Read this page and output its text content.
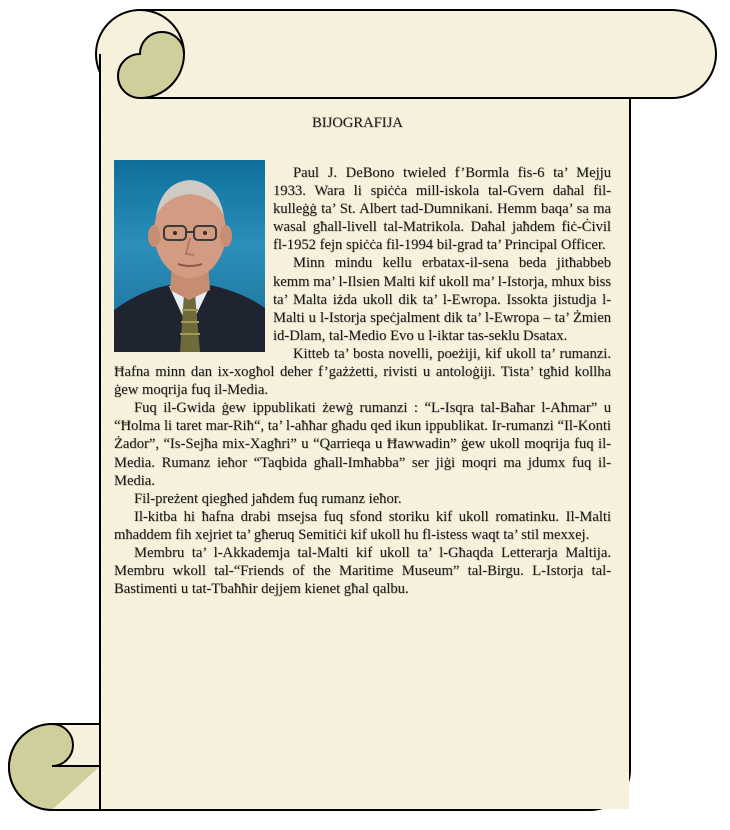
BIJOGRAFIJA

Paul J. DeBono twieled f’Bormla fis-6 ta’ Mejju 1933. Wara li spiċċa mill-iskola tal-Gvern daħal fil-kulleġġ ta’ St. Albert tad-Dumnikani. Hemm baqa’ sa ma wasal għall-livell tal-Matrikola. Daħal jaħdem fiċ-Ċivil fl-1952 fejn spiċċa fil-1994 bil-grad ta’ Principal Officer.

Minn mindu kellu erbatax-il-sena beda jitħabbeb kemm ma’ l-Ilsien Malti kif ukoll ma’ l-Istorja, mhux biss ta’ Malta iżda ukoll dik ta’ l-Ewropa. Issokta jistudja l-Malti u l-Istorja speċjalment dik ta’ l-Ewropa – ta’ Żmien id-Dlam, tal-Medio Evo u l-iktar tas-seklu Dsatax.

Kitteb ta’ bosta novelli, poeżiji, kif ukoll ta’ rumanzi. Ħafna minn dan ix-xogħol deher f’gażżetti, rivisti u antoloġiji. Tista’ tgħid kollha ġew moqrija fuq il-Media.

Fuq il-Gwida ġew ippublikati żewġ rumanzi : “L-Isqra tal-Baħar l-Aħmar” u “Ħolma li taret mar-Riħ“, ta’ l-aħħar għadu qed ikun ippublikat. Ir-rumanzi “Il-Konti Żador”, “Is-Sejħa mix-Xagħri” u “Qarrieqa u Ħawwadin” ġew ukoll moqrija fuq il-Media. Rumanz ieħor “Taqbida għall-Imħabba” ser jiġi moqri ma jdumx fuq il-Media.

Fil-preżent qiegħed jaħdem fuq rumanz ieħor.

Il-kitba hi ħafna drabi msejsa fuq sfond storiku kif ukoll romatinku. Il-Malti mħaddem fih xejriet ta’ għeruq Semitiċi kif ukoll hu fl-istess waqt ta’ stil mexxej.

Membru ta’ l-Akkademja tal-Malti kif ukoll ta’ l-Għaqda Letterarja Maltija. Membru wkoll tal-“Friends of the Maritime Museum” tal-Birgu. L-Istorja tal-Bastimenti u tat-Tbaħħir dejjem kienet għal qalbu.
